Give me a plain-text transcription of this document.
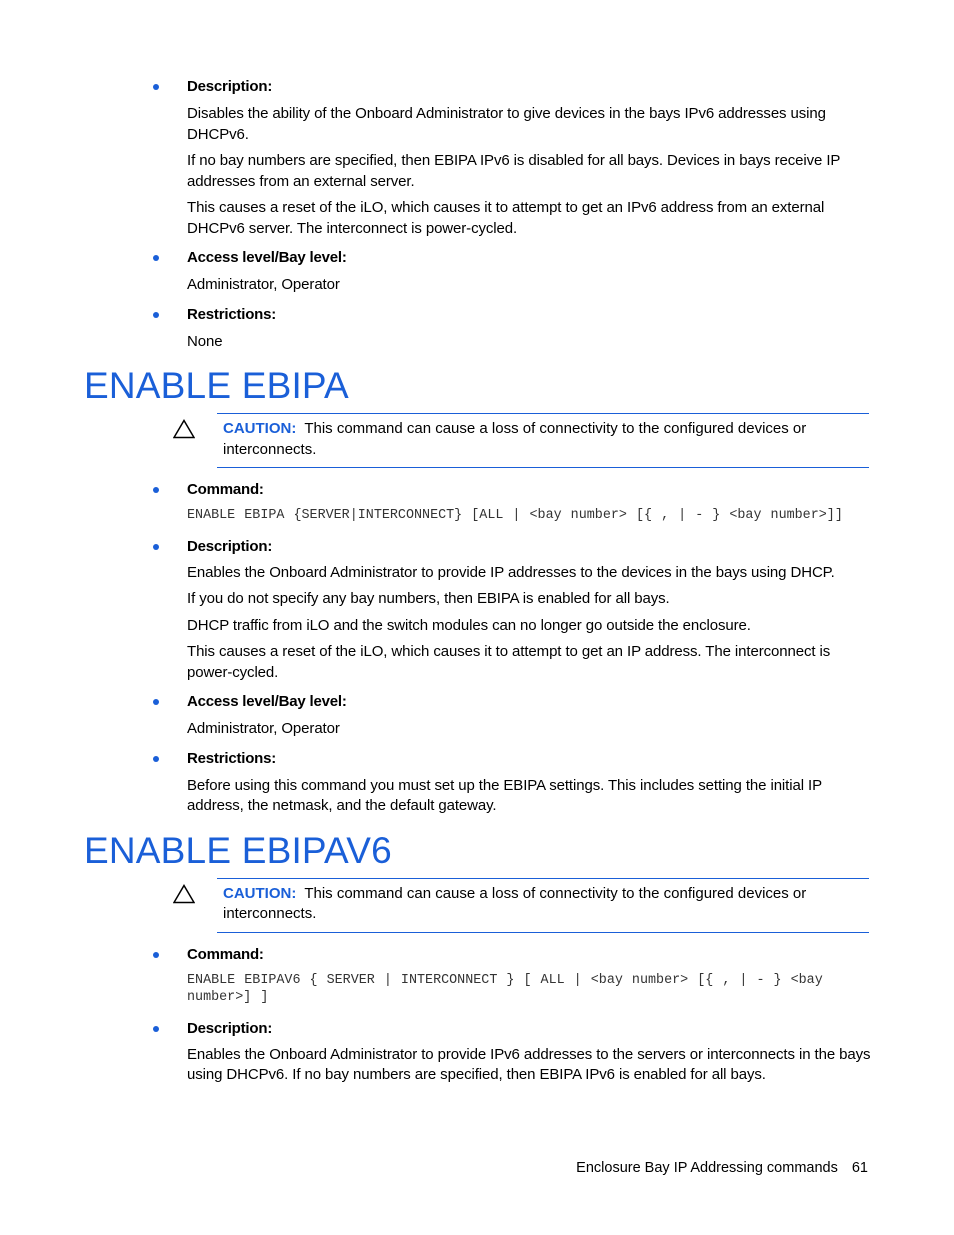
Description:
Disables the ability of the Onboard Administrator to give devices in the bays IPv6 addresses using DHCPv6.
If no bay numbers are specified, then EBIPA IPv6 is disabled for all bays. Devices in bays receive IP addresses from an external server.
This causes a reset of the iLO, which causes it to attempt to get an IPv6 address from an external DHCPv6 server. The interconnect is power-cycled.
Access level/Bay level:
Administrator, Operator
Restrictions:
None
ENABLE EBIPA
CAUTION: This command can cause a loss of connectivity to the configured devices or interconnects.
Command:
ENABLE EBIPA {SERVER|INTERCONNECT} [ALL | <bay number> [{ , | - } <bay number>]]
Description:
Enables the Onboard Administrator to provide IP addresses to the devices in the bays using DHCP.
If you do not specify any bay numbers, then EBIPA is enabled for all bays.
DHCP traffic from iLO and the switch modules can no longer go outside the enclosure.
This causes a reset of the iLO, which causes it to attempt to get an IP address. The interconnect is power-cycled.
Access level/Bay level:
Administrator, Operator
Restrictions:
Before using this command you must set up the EBIPA settings. This includes setting the initial IP address, the netmask, and the default gateway.
ENABLE EBIPAV6
CAUTION: This command can cause a loss of connectivity to the configured devices or interconnects.
Command:
ENABLE EBIPAV6 { SERVER | INTERCONNECT } [ ALL | <bay number> [{ , | - } <bay number>] ]
Description:
Enables the Onboard Administrator to provide IPv6 addresses to the servers or interconnects in the bays using DHCPv6. If no bay numbers are specified, then EBIPA IPv6 is enabled for all bays.
Enclosure Bay IP Addressing commands 61
